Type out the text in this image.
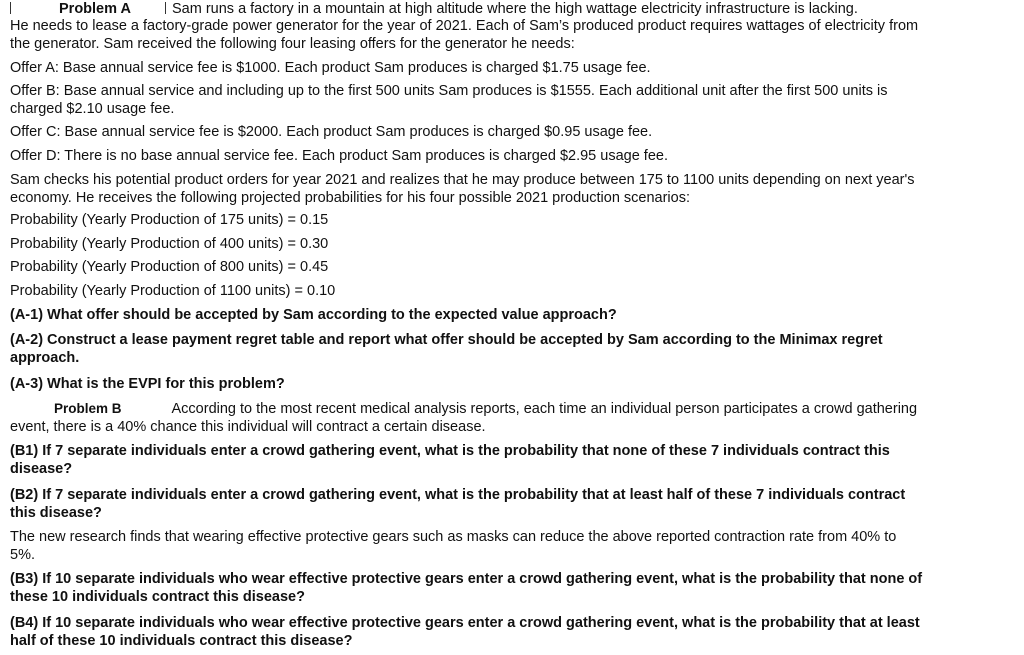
Problem A	Sam runs a factory in a mountain at high altitude where the high wattage electricity infrastructure is lacking.

He needs to lease a factory-grade power generator for the year of 2021. Each of Sam’s produced product requires wattages of electricity from the generator. Sam received the following four leasing offers for the generator he needs:

Offer A: Base annual service fee is $1000. Each product Sam produces is charged $1.75 usage fee.

Offer B: Base annual service and including up to the first 500 units Sam produces is $1555. Each additional unit after the first 500 units is charged $2.10 usage fee.

Offer C: Base annual service fee is $2000. Each product Sam produces is charged $0.95 usage fee.

Offer D: There is no base annual service fee. Each product Sam produces is charged $2.95 usage fee.

Sam checks his potential product orders for year 2021 and realizes that he may produce between 175 to 1100 units depending on next year's economy. He receives the following projected probabilities for his four possible 2021 production scenarios:

Probability (Yearly Production of 175 units) = 0.15

Probability (Yearly Production of 400 units) = 0.30

Probability (Yearly Production of 800 units) = 0.45

Probability (Yearly Production of 1100 units) = 0.10

(A-1) What offer should be accepted by Sam according to the expected value approach?

(A-2) Construct a lease payment regret table and report what offer should be accepted by Sam according to the Minimax regret approach.

(A-3) What is the EVPI for this problem?

Problem B	According to the most recent medical analysis reports, each time an individual person participates a crowd gathering event, there is a 40% chance this individual will contract a certain disease.

(B1) If 7 separate individuals enter a crowd gathering event, what is the probability that none of these 7 individuals contract this disease?

(B2) If 7 separate individuals enter a crowd gathering event, what is the probability that at least half of these 7 individuals contract this disease?

The new research finds that wearing effective protective gears such as masks can reduce the above reported contraction rate from 40% to 5%.

(B3) If 10 separate individuals who wear effective protective gears enter a crowd gathering event, what is the probability that none of these 10 individuals contract this disease?

(B4) If 10 separate individuals who wear effective protective gears enter a crowd gathering event, what is the probability that at least half of these 10 individuals contract this disease?
